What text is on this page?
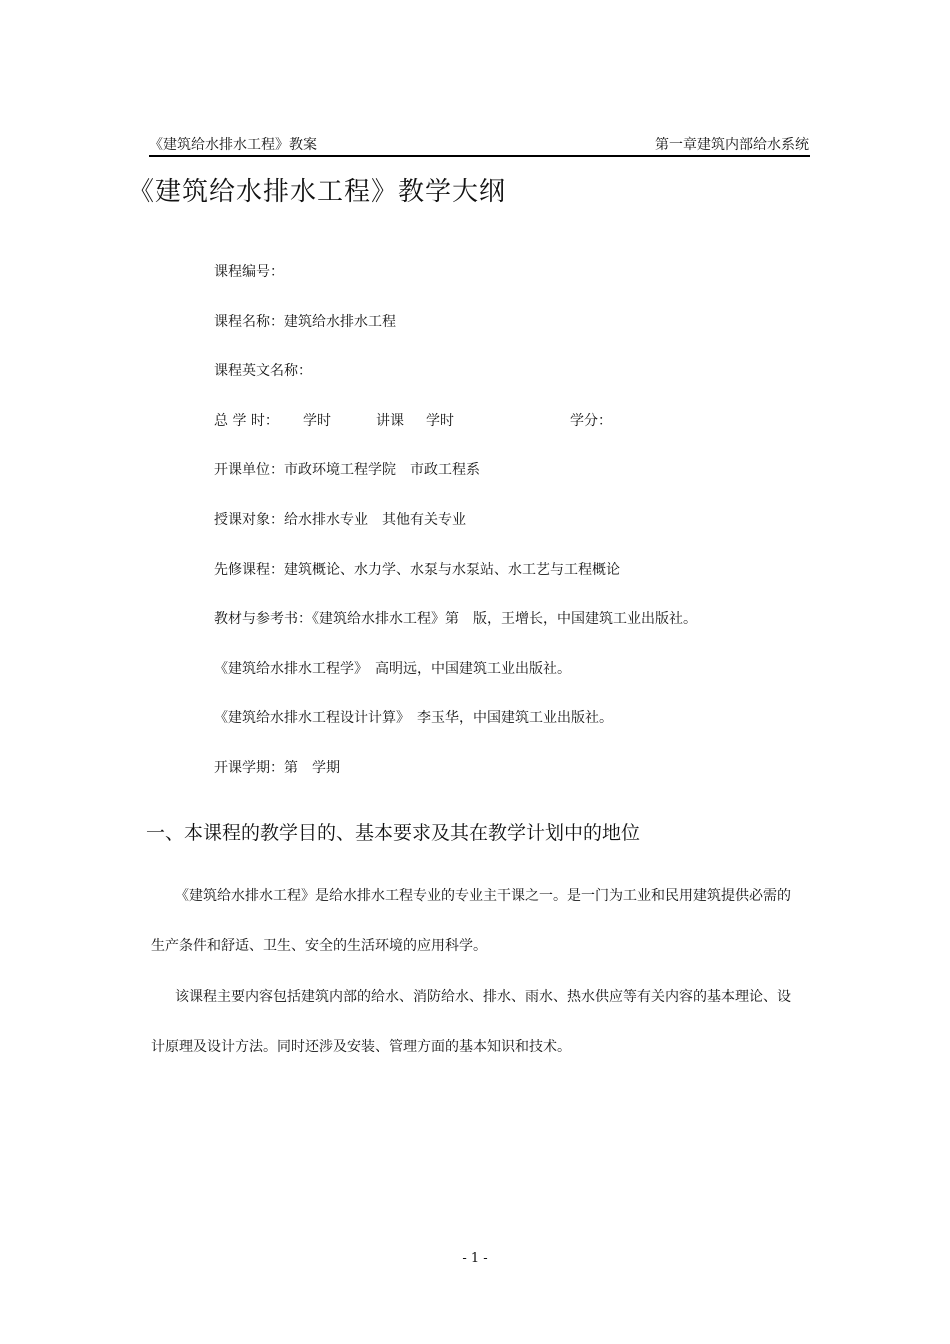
《建筑给水排水工程》教案	第一章建筑内部给水系统
《建筑给水排水工程》教学大纲
课程编号：
课程名称：建筑给水排水工程
课程英文名称：
总 学 时： 学时	讲课 学时	学分：
开课单位：市政环境工程学院　市政工程系
授课对象：给水排水专业　其他有关专业
先修课程：建筑概论、水力学、水泵与水泵站、水工艺与工程概论
教材与参考书：《建筑给水排水工程》第　版，王增长，中国建筑工业出版社。
《建筑给水排水工程学》　高明远，中国建筑工业出版社。
《建筑给水排水工程设计计算》　李玉华，中国建筑工业出版社。
开课学期：第　学期
一、本课程的教学目的、基本要求及其在教学计划中的地位
《建筑给水排水工程》是给水排水工程专业的专业主干课之一。是一门为工业和民用建筑提供必需的
生产条件和舒适、卫生、安全的生活环境的应用科学。
该课程主要内容包括建筑内部的给水、消防给水、排水、雨水、热水供应等有关内容的基本理论、设
计原理及设计方法。同时还涉及安装、管理方面的基本知识和技术。
- 1 -
